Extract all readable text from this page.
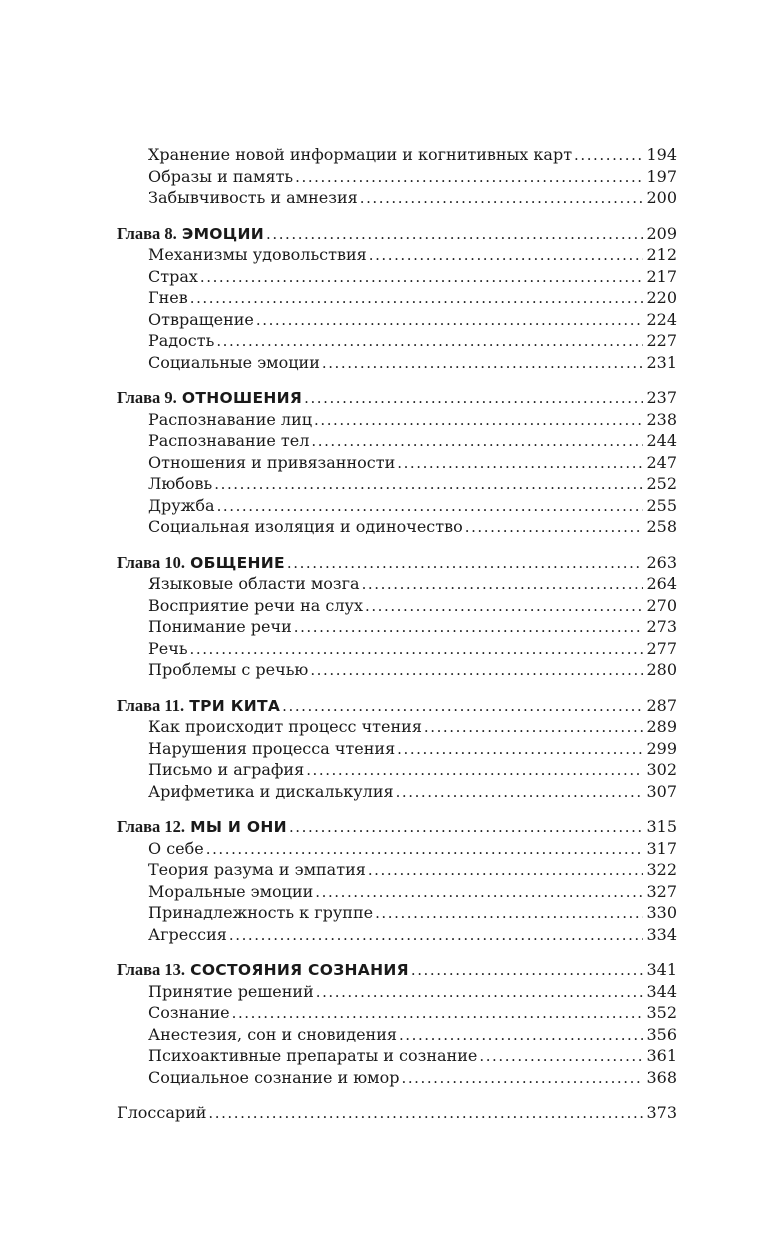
Хранение новой информации и когнитивных карт . . .	194
Образы и память . . .	197
Забывчивость и амнезия . . .	200
Глава 8. ЭМОЦИИ . . .	209
Механизмы удовольствия . . .	212
Страх . . .	217
Гнев . . .	220
Отвращение . . .	224
Радость . . .	227
Социальные эмоции . . .	231
Глава 9. ОТНОШЕНИЯ . . .	237
Распознавание лиц . . .	238
Распознавание тел . . .	244
Отношения и привязанности . . .	247
Любовь . . .	252
Дружба . . .	255
Социальная изоляция и одиночество . . .	258
Глава 10. ОБЩЕНИЕ . . .	263
Языковые области мозга . . .	264
Восприятие речи на слух . . .	270
Понимание речи . . .	273
Речь . . .	277
Проблемы с речью . . .	280
Глава 11. ТРИ КИТА . . .	287
Как происходит процесс чтения . . .	289
Нарушения процесса чтения . . .	299
Письмо и аграфия . . .	302
Арифметика и дискалькулия . . .	307
Глава 12. МЫ И ОНИ . . .	315
О себе . . .	317
Теория разума и эмпатия . . .	322
Моральные эмоции . . .	327
Принадлежность к группе . . .	330
Агрессия . . .	334
Глава 13. СОСТОЯНИЯ СОЗНАНИЯ . . .	341
Принятие решений . . .	344
Сознание . . .	352
Анестезия, сон и сновидения . . .	356
Психоактивные препараты и сознание . . .	361
Социальное сознание и юмор . . .	368
Глоссарий . . .	373
